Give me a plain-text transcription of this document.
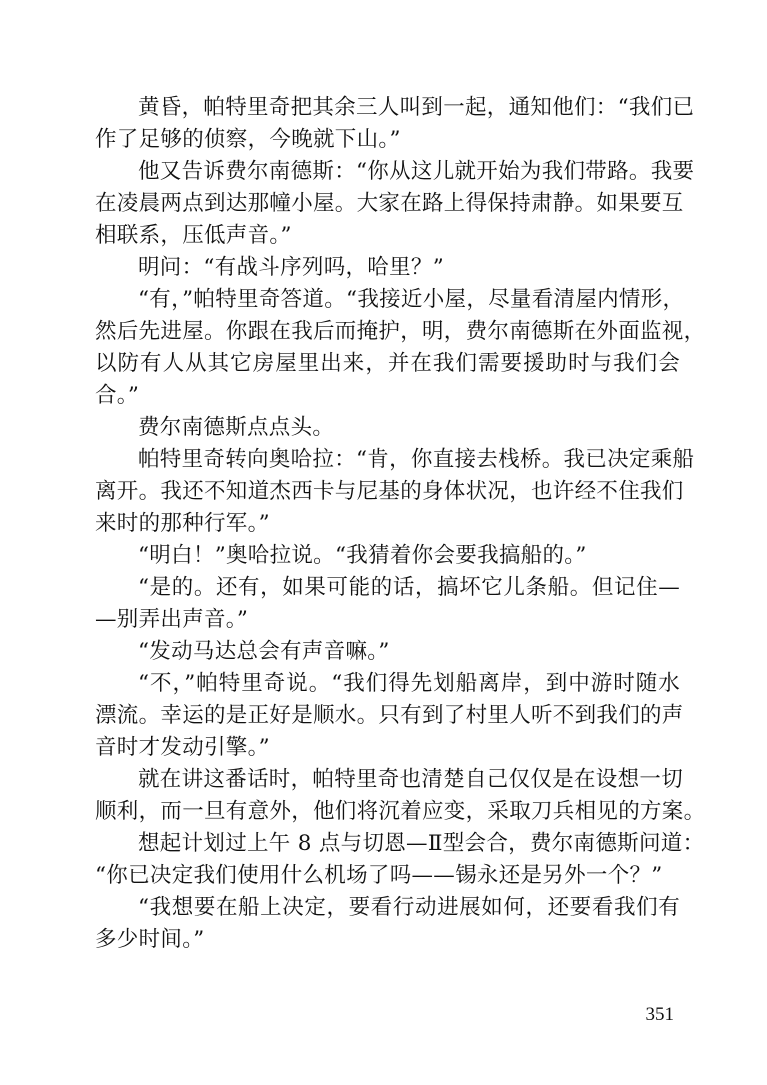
黄昏，帕特里奇把其余三人叫到一起，通知他们：“我们已
作了足够的侦察，今晚就下山。”
他又告诉费尔南德斯：“你从这儿就开始为我们带路。我要
在凌晨两点到达那幢小屋。大家在路上得保持肃静。如果要互
相联系，压低声音。”
明问：“有战斗序列吗，哈里？”
“有，”帕特里奇答道。“我接近小屋，尽量看清屋内情形，
然后先进屋。你跟在我后而掩护，明，费尔南德斯在外面监视，
以防有人从其它房屋里出来，并在我们需要援助时与我们会
合。”
费尔南德斯点点头。
帕特里奇转向奥哈拉：“肯，你直接去栈桥。我已决定乘船
离开。我还不知道杰西卡与尼基的身体状况，也许经不住我们
来时的那种行军。”
“明白！”奥哈拉说。“我猜着你会要我搞船的。”
“是的。还有，如果可能的话，搞坏它儿条船。但记住—
—别弄出声音。”
“发动马达总会有声音嘛。”
“不，”帕特里奇说。“我们得先划船离岸，到中游时随水
漂流。幸运的是正好是顺水。只有到了村里人听不到我们的声
音时才发动引擎。”
就在讲这番话时，帕特里奇也清楚自己仅仅是在设想一切
顺利，而一旦有意外，他们将沉着应变，采取刀兵相见的方案。
想起计划过上午 8 点与切恩—Ⅱ型会合，费尔南德斯问道：
“你已决定我们使用什么机场了吗——锡永还是另外一个？”
“我想要在船上决定，要看行动进展如何，还要看我们有
多少时间。”
351
